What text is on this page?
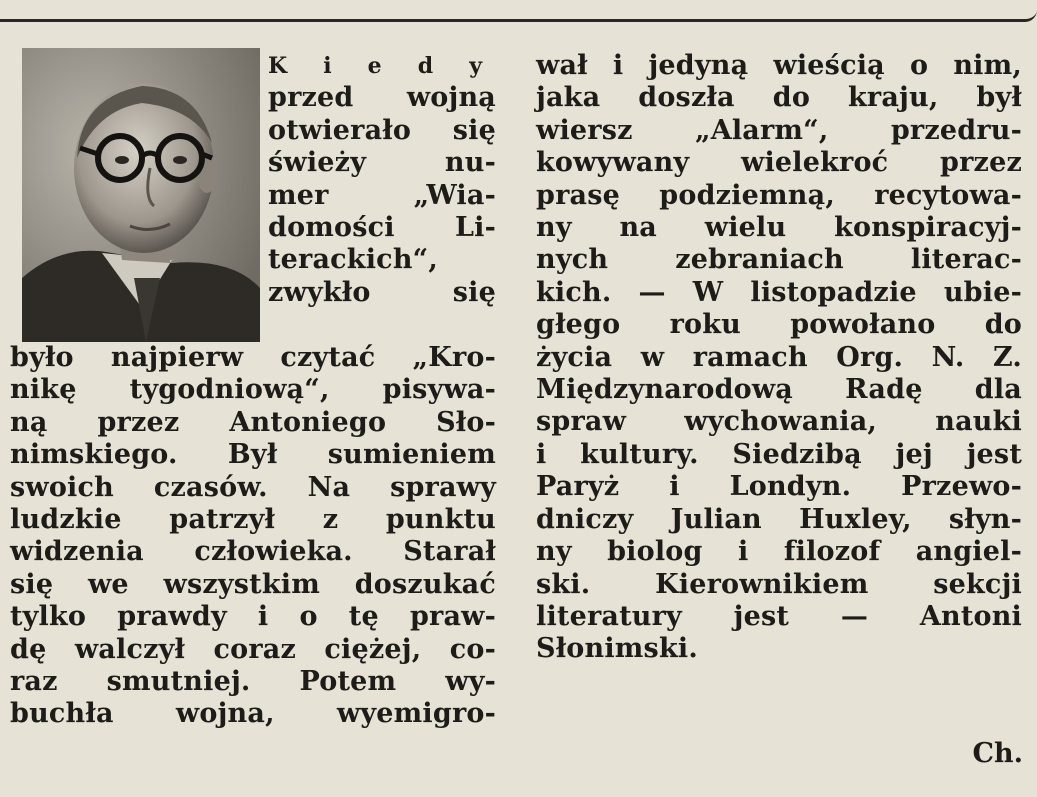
K i e d y
przed wojną
otwierało się
świeży nu-
mer „Wia-
domości Li-
terackich“,
zwykło się
było najpierw czytać „Kro-
nikę tygodniową“, pisywa-
ną przez Antoniego Sło-
nimskiego. Był sumieniem
swoich czasów. Na sprawy
ludzkie patrzył z punktu
widzenia człowieka. Starał
się we wszystkim doszukać
tylko prawdy i o tę praw-
dę walczył coraz ciężej, co-
raz smutniej. Potem wy-
buchła wojna, wyemigro-
wał i jedyną wieścią o nim,
jaka doszła do kraju, był
wiersz „Alarm“, przedru-
kowywany wielekroć przez
prasę podziemną, recytowa-
ny na wielu konspiracyj-
nych zebraniach literac-
kich. — W listopadzie ubie-
głego roku powołano do
życia w ramach Org. N. Z.
Międzynarodową Radę dla
spraw wychowania, nauki
i kultury. Siedzibą jej jest
Paryż i Londyn. Przewo-
dniczy Julian Huxley, słyn-
ny biolog i filozof angiel-
ski. Kierownikiem sekcji
literatury jest — Antoni
Słonimski.
Ch.
